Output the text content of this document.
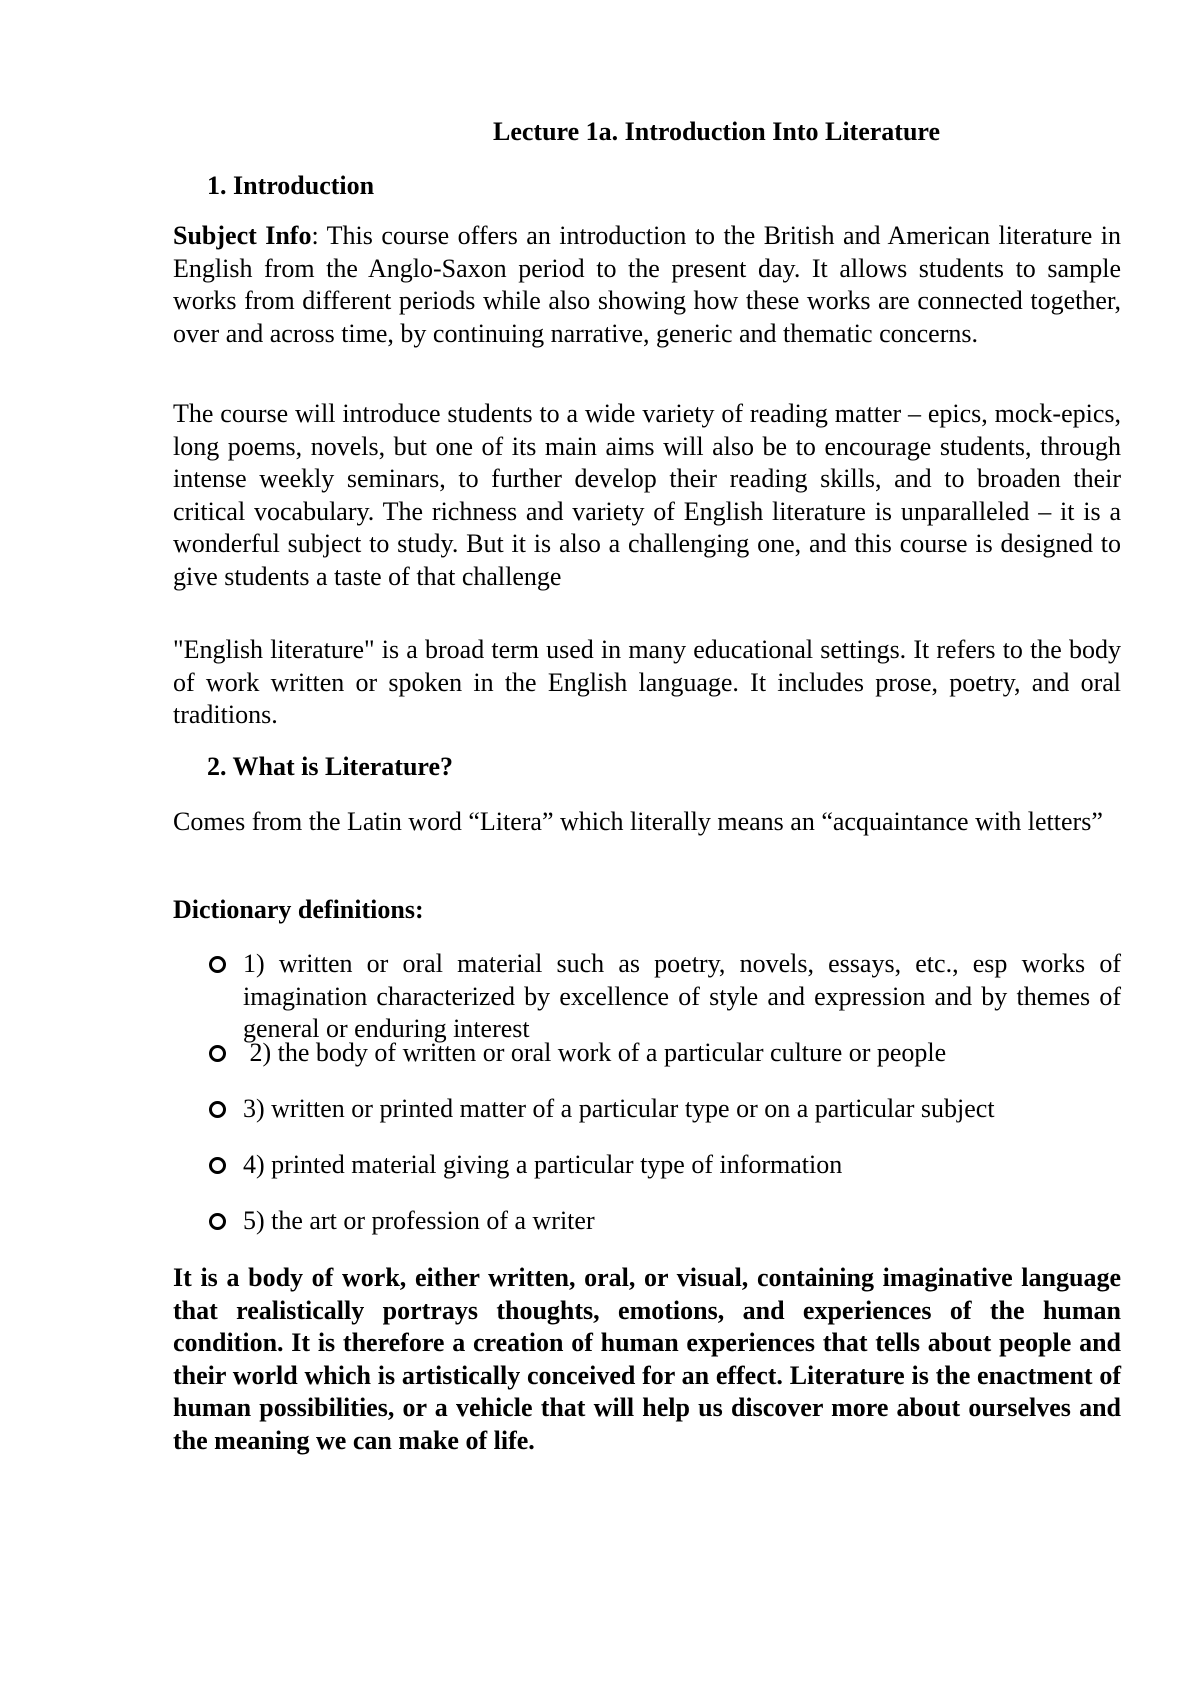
Lecture 1a. Introduction Into Literature
1. Introduction
Subject Info: This course offers an introduction to the British and American literature in English from the Anglo-Saxon period to the present day. It allows students to sample works from different periods while also showing how these works are connected together, over and across time, by continuing narrative, generic and thematic concerns.
The course will introduce students to a wide variety of reading matter – epics, mock-epics, long poems, novels, but one of its main aims will also be to encourage students, through intense weekly seminars, to further develop their reading skills, and to broaden their critical vocabulary. The richness and variety of English literature is unparalleled – it is a wonderful subject to study. But it is also a challenging one, and this course is designed to give students a taste of that challenge
"English literature" is a broad term used in many educational settings. It refers to the body of work written or spoken in the English language. It includes prose, poetry, and oral traditions.
2. What is Literature?
Comes from the Latin word “Litera” which literally means an “acquaintance with letters”
Dictionary definitions:
1) written or oral material such as poetry, novels, essays, etc., esp works of imagination characterized by excellence of style and expression and by themes of general or enduring interest
2) the body of written or oral work of a particular culture or people
3) written or printed matter of a particular type or on a particular subject
4) printed material giving a particular type of information
5) the art or profession of a writer
It is a body of work, either written, oral, or visual, containing imaginative language that realistically portrays thoughts, emotions, and experiences of the human condition. It is therefore a creation of human experiences that tells about people and their world which is artistically conceived for an effect. Literature is the enactment of human possibilities, or a vehicle that will help us discover more about ourselves and the meaning we can make of life.
